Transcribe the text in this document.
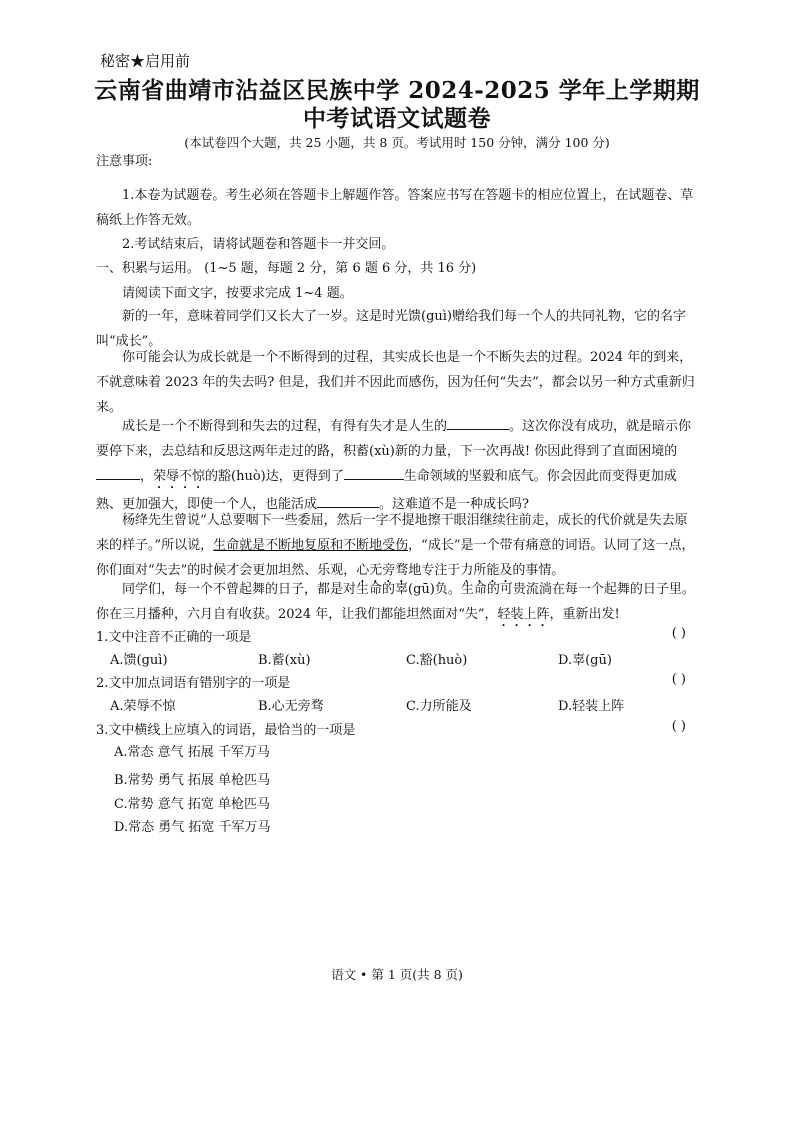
秘密★启用前
云南省曲靖市沾益区民族中学 2024-2025 学年上学期期
中考试语文试题卷
(本试卷四个大题，共 25 小题，共 8 页。考试用时 150 分钟，满分 100 分)
注意事项:
1.本卷为试题卷。考生必须在答题卡上解题作答。答案应书写在答题卡的相应位置上，在试题卷、草稿纸上作答无效。
2.考试结束后，请将试题卷和答题卡一并交回。
一、积累与运用。 (1~5 题，每题 2 分，第 6 题 6 分，共 16 分)
请阅读下面文字，按要求完成 1~4 题。
新的一年，意味着同学们又长大了一岁。这是时光馈(guì)赠给我们每一个人的共同礼物，它的名字叫“成长”。
你可能会认为成长就是一个不断得到的过程，其实成长也是一个不断失去的过程。2024 年的到来，不就意味着 2023 年的失去吗? 但是，我们并不因此而感伤，因为任何“失去”，都会以另一种方式重新归来。
成长是一个不断得到和失去的过程，有得有失才是人生的	。这次你没有成功，就是暗示你要停下来，去总结和反思这两年走过的路，积蓄(xù)新的力量，下一次再战! 你因此得到了直面困境的，荣辱不惊的豁(huò)达，更得到了	生命领域的坚毅和底气。你会因此而变得更加成熟、更加强大，即使一个人，也能活成	。这难道不是一种成长吗?
杨绛先生曾说“人总要咽下一些委屈，然后一字不提地擦干眼泪继续往前走，成长的代价就是失去原来的样子。”所以说，生命就是不断地复原和不断地受伤，“成长”是一个带有痛意的词语。认同了这一点，你们面对“失去”的时候才会更加坦然、乐观，心无旁骛地专注于力所能及的事情。
同学们，每一个不曾起舞的日子，都是对生命的辜(gū)负。生命的可贵流淌在每一个起舞的日子里。你在三月播种，六月自有收获。2024 年，让我们都能坦然面对“失”，轻装上阵，重新出发!
1.文中注音不正确的一项是	( )
A.馈(guì)	B.蓄(xù)	C.豁(huò)	D.辜(gū)
2.文中加点词语有错别字的一项是	( )
A.荣辱不惊	B.心无旁骛	C.力所能及	D.轻装上阵
3.文中横线上应填入的词语，最恰当的一项是	( )
A.常态 意气 拓展 千军万马
B.常势 勇气 拓展 单枪匹马
C.常势 意气 拓宽 单枪匹马
D.常态 勇气 拓宽 千军万马
语文 • 第 1 页(共 8 页)
